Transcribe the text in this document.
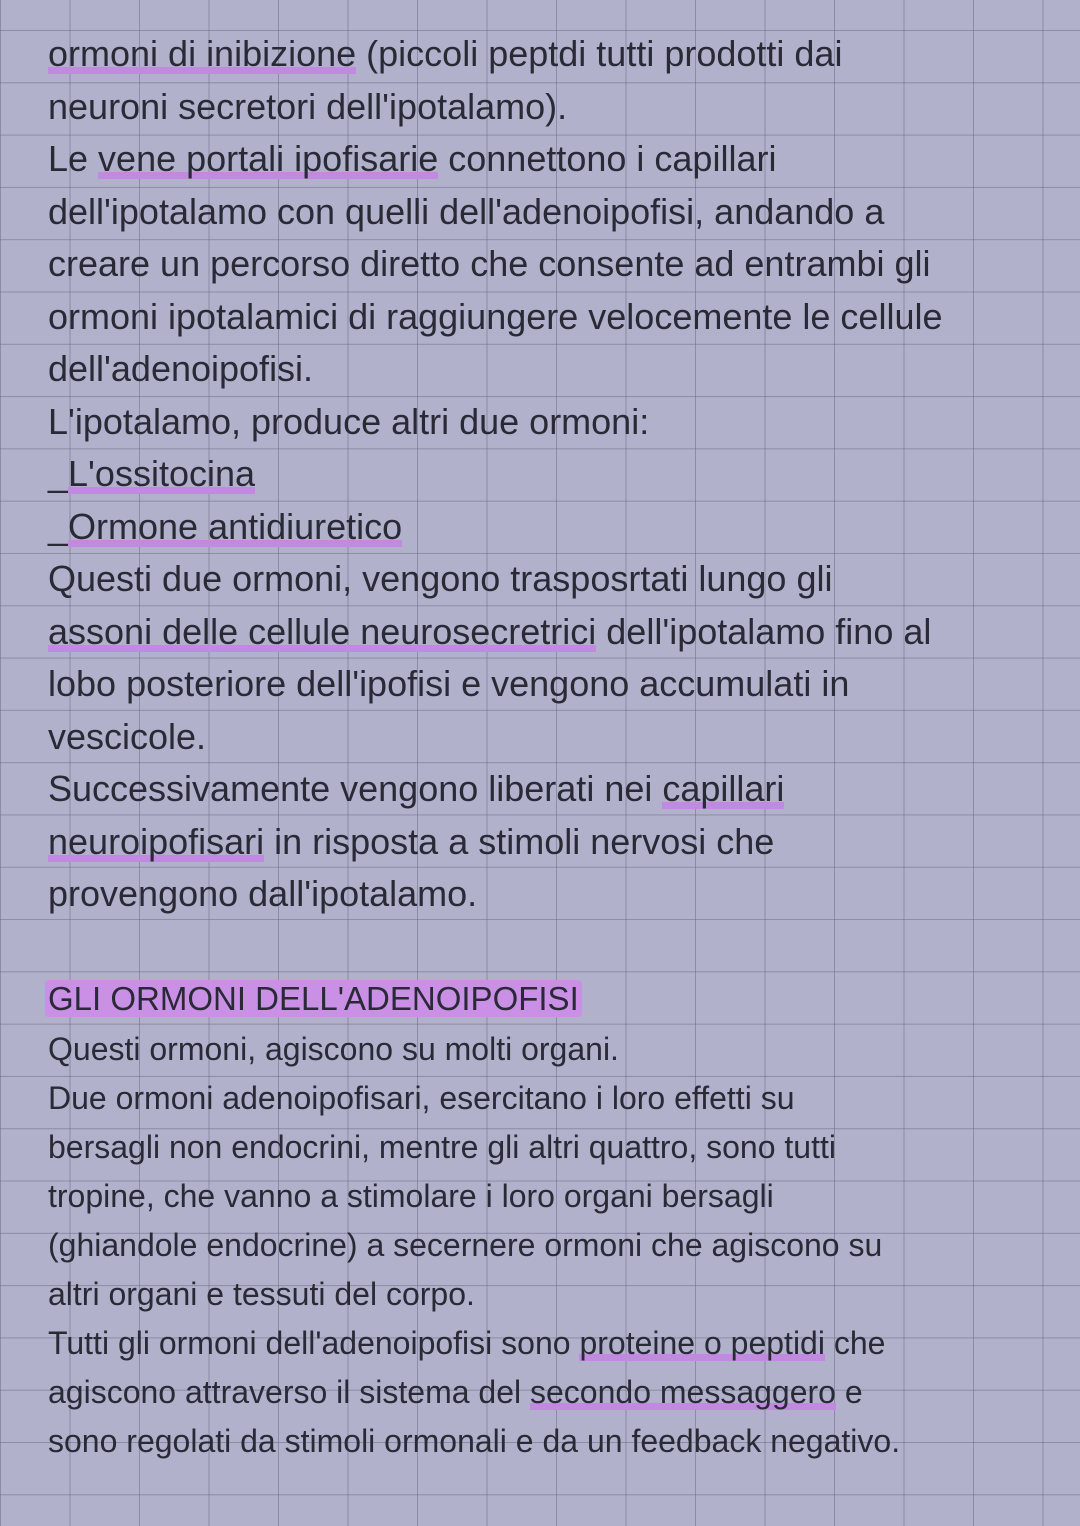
ormoni di inibizione (piccoli peptdi tutti prodotti dai
neuroni secretori dell'ipotalamo).
Le vene portali ipofisarie connettono i capillari
dell'ipotalamo con quelli dell'adenoipofisi, andando a
creare un percorso diretto che consente ad entrambi gli
ormoni ipotalamici di raggiungere velocemente le cellule
dell'adenoipofisi.
L'ipotalamo, produce altri due ormoni:
_L'ossitocina
_Ormone antidiuretico
Questi due ormoni, vengono trasposrtati lungo gli
assoni delle cellule neurosecretrici dell'ipotalamo fino al
lobo posteriore dell'ipofisi e vengono accumulati in
vescicole.
Successivamente vengono liberati nei capillari
neuroipofisari in risposta a stimoli nervosi che
provengono dall'ipotalamo.
GLI ORMONI DELL'ADENOIPOFISI
Questi ormoni, agiscono su molti organi.
Due ormoni adenoipofisari, esercitano i loro effetti su
bersagli non endocrini, mentre gli altri quattro, sono tutti
tropine, che vanno a stimolare i loro organi bersagli
(ghiandole endocrine) a secernere ormoni che agiscono su
altri organi e tessuti del corpo.
Tutti gli ormoni dell'adenoipofisi sono proteine o peptidi che
agiscono attraverso il sistema del secondo messaggero e
sono regolati da stimoli ormonali e da un feedback negativo.
